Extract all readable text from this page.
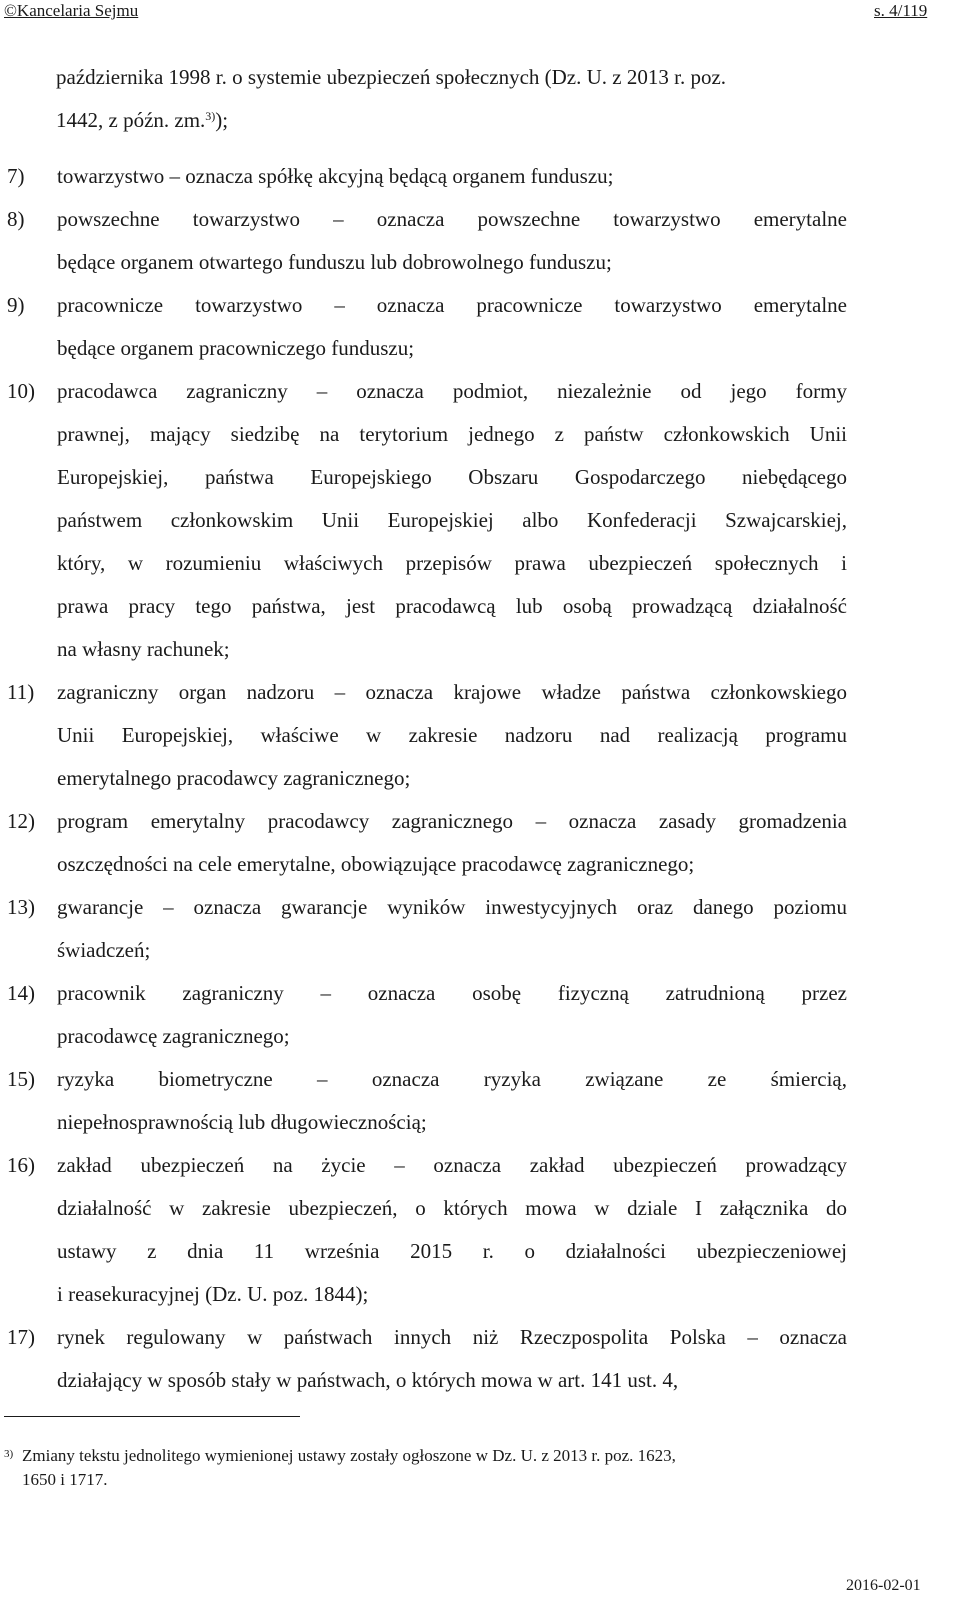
©Kancelaria Sejmu	s. 4/119
października 1998 r. o systemie ubezpieczeń społecznych (Dz. U. z 2013 r. poz.
1442, z późn. zm.$^{3)}$);
7) towarzystwo – oznacza spółkę akcyjną będącą organem funduszu;
8) powszechne towarzystwo – oznacza powszechne towarzystwo emerytalne
będące organem otwartego funduszu lub dobrowolnego funduszu;
9) pracownicze towarzystwo – oznacza pracownicze towarzystwo emerytalne
będące organem pracowniczego funduszu;
10) pracodawca zagraniczny – oznacza podmiot, niezależnie od jego formy
prawnej, mający siedzibę na terytorium jednego z państw członkowskich Unii
Europejskiej, państwa Europejskiego Obszaru Gospodarczego niebędącego
państwem członkowskim Unii Europejskiej albo Konfederacji Szwajcarskiej,
który, w rozumieniu właściwych przepisów prawa ubezpieczeń społecznych i
prawa pracy tego państwa, jest pracodawcą lub osobą prowadzącą działalność
na własny rachunek;
11) zagraniczny organ nadzoru – oznacza krajowe władze państwa członkowskiego
Unii Europejskiej, właściwe w zakresie nadzoru nad realizacją programu
emerytalnego pracodawcy zagranicznego;
12) program emerytalny pracodawcy zagranicznego – oznacza zasady gromadzenia
oszczędności na cele emerytalne, obowiązujące pracodawcę zagranicznego;
13) gwarancje – oznacza gwarancje wyników inwestycyjnych oraz danego poziomu
świadczeń;
14) pracownik zagraniczny – oznacza osobę fizyczną zatrudnioną przez
pracodawcę zagranicznego;
15) ryzyka biometryczne – oznacza ryzyka związane ze śmiercią,
niepełnosprawnością lub długowiecznością;
16) zakład ubezpieczeń na życie – oznacza zakład ubezpieczeń prowadzący
działalność w zakresie ubezpieczeń, o których mowa w dziale I załącznika do
ustawy z dnia 11 września 2015 r. o działalności ubezpieczeniowej
i reasekuracyjnej (Dz. U. poz. 1844);
17) rynek regulowany w państwach innych niż Rzeczpospolita Polska – oznacza
działający w sposób stały w państwach, o których mowa w art. 141 ust. 4,
$^{3)}$ Zmiany tekstu jednolitego wymienionej ustawy zostały ogłoszone w Dz. U. z 2013 r. poz. 1623,
1650 i 1717.
2016-02-01
